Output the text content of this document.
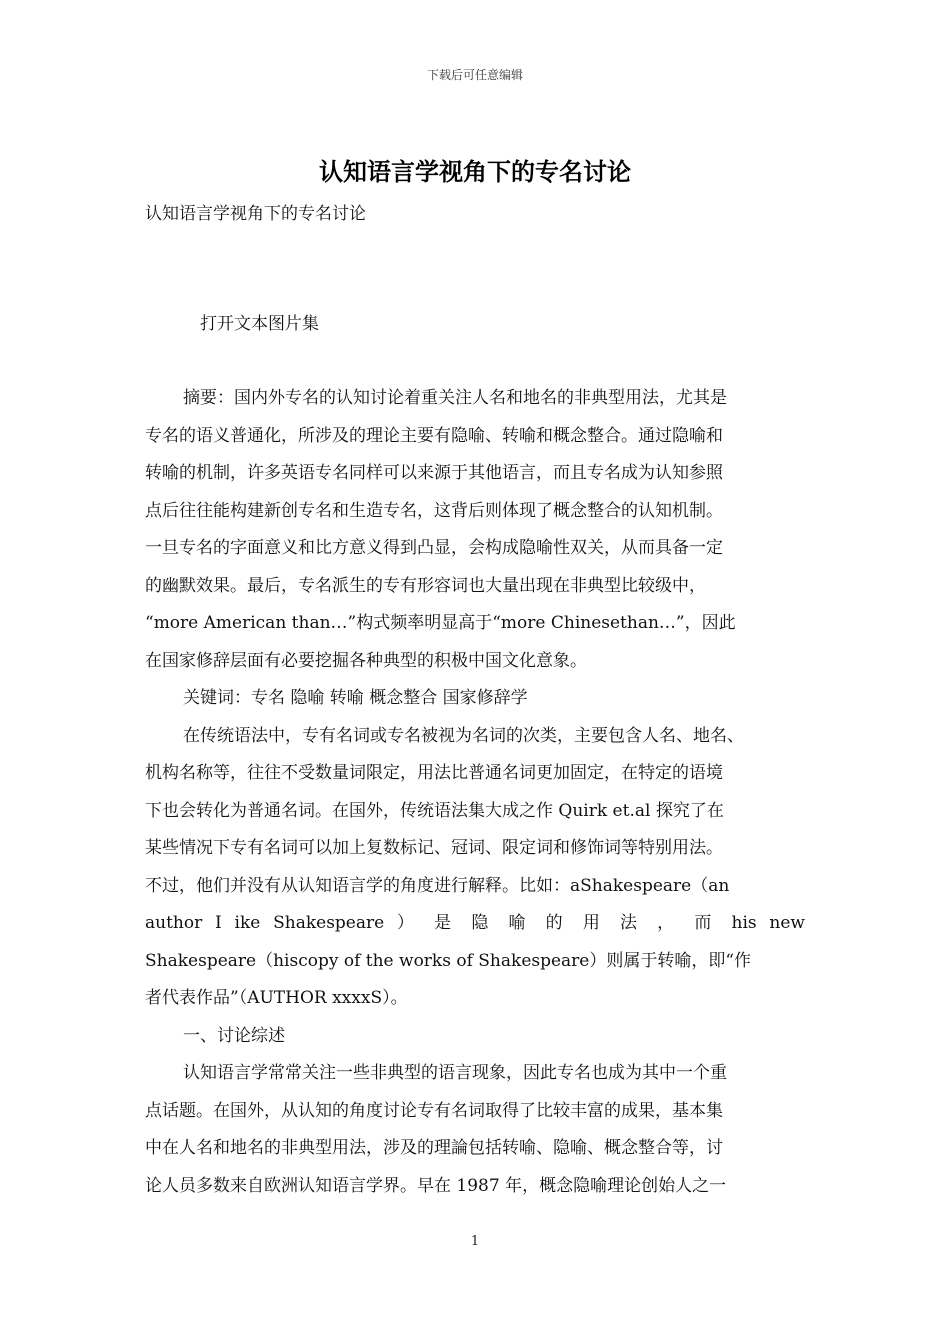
下载后可任意编辑
认知语言学视角下的专名讨论
认知语言学视角下的专名讨论
打开文本图片集
摘要：国内外专名的认知讨论着重关注人名和地名的非典型用法，尤其是
专名的语义普通化，所涉及的理论主要有隐喻、转喻和概念整合。通过隐喻和
转喻的机制，许多英语专名同样可以来源于其他语言，而且专名成为认知参照
点后往往能构建新创专名和生造专名，这背后则体现了概念整合的认知机制。
一旦专名的字面意义和比方意义得到凸显，会构成隐喻性双关，从而具备一定
的幽默效果。最后，专名派生的专有形容词也大量出现在非典型比较级中，
“more American than…”构式频率明显高于“more Chinesethan…”，因此
在国家修辞层面有必要挖掘各种典型的积极中国文化意象。
关键词：专名 隐喻 转喻 概念整合 国家修辞学
在传统语法中，专有名词或专名被视为名词的次类，主要包含人名、地名、
机构名称等，往往不受数量词限定，用法比普通名词更加固定，在特定的语境
下也会转化为普通名词。在国外，传统语法集大成之作 Quirk et.al 探究了在
某些情况下专有名词可以加上复数标记、冠词、限定词和修饰词等特别用法。
不过，他们并没有从认知语言学的角度进行解释。比如：aShakespeare（an
author I ike Shakespeare ） 是 隐 喻 的 用 法 ， 而 his new
Shakespeare（hiscopy of the works of Shakespeare）则属于转喻，即“作
者代表作品”（AUTHOR xxxxS）。
一、讨论综述
认知语言学常常关注一些非典型的语言现象，因此专名也成为其中一个重
点话题。在国外，从认知的角度讨论专有名词取得了比较丰富的成果，基本集
中在人名和地名的非典型用法，涉及的理論包括转喻、隐喻、概念整合等，讨
论人员多数来自欧洲认知语言学界。早在 1987 年，概念隐喻理论创始人之一
1
